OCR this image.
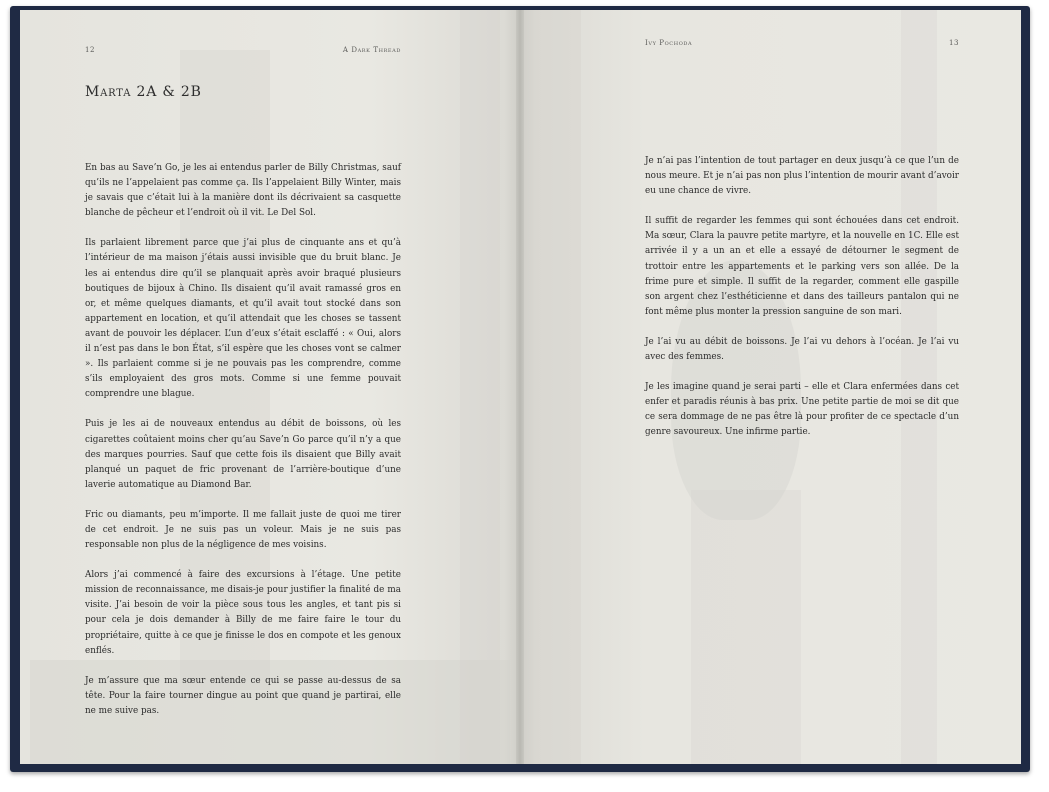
12	A Dark Thread
Marta 2A & 2B

En bas au Save’n Go, je les ai entendus parler de Billy Christmas, sauf qu’ils ne l’appelaient pas comme ça. Ils l’appelaient Billy Winter, mais je savais que c’était lui à la manière dont ils décrivaient sa casquette blanche de pêcheur et l’endroit où il vit. Le Del Sol.

Ils parlaient librement parce que j’ai plus de cinquante ans et qu’à l’intérieur de ma maison j’étais aussi invisible que du bruit blanc. Je les ai entendus dire qu’il se planquait après avoir braqué plusieurs boutiques de bijoux à Chino. Ils disaient qu’il avait ramassé gros en or, et même quelques diamants, et qu’il avait tout stocké dans son appartement en location, et qu’il attendait que les choses se tassent avant de pouvoir les déplacer. L’un d’eux s’était esclaffé : « Oui, alors il n’est pas dans le bon État, s’il espère que les choses vont se calmer ». Ils parlaient comme si je ne pouvais pas les comprendre, comme s’ils employaient des gros mots. Comme si une femme pouvait comprendre une blague.

Puis je les ai de nouveaux entendus au débit de boissons, où les cigarettes coûtaient moins cher qu’au Save’n Go parce qu’il n’y a que des marques pourries. Sauf que cette fois ils disaient que Billy avait planqué un paquet de fric provenant de l’arrière-boutique d’une laverie automatique au Diamond Bar.

Fric ou diamants, peu m’importe. Il me fallait juste de quoi me tirer de cet endroit. Je ne suis pas un voleur. Mais je ne suis pas responsable non plus de la négligence de mes voisins.

Alors j’ai commencé à faire des excursions à l’étage. Une petite mission de reconnaissance, me disais-je pour justifier la finalité de ma visite. J’ai besoin de voir la pièce sous tous les angles, et tant pis si pour cela je dois demander à Billy de me faire faire le tour du propriétaire, quitte à ce que je finisse le dos en compote et les genoux enflés.

Je m’assure que ma sœur entende ce qui se passe au-dessus de sa tête. Pour la faire tourner dingue au point que quand je partirai, elle ne me suive pas.

Ivy Pochoda	13

Je n’ai pas l’intention de tout partager en deux jusqu’à ce que l’un de nous meure. Et je n’ai pas non plus l’intention de mourir avant d’avoir eu une chance de vivre.

Il suffit de regarder les femmes qui sont échouées dans cet endroit. Ma sœur, Clara la pauvre petite martyre, et la nouvelle en 1C. Elle est arrivée il y a un an et elle a essayé de détourner le segment de trottoir entre les appartements et le parking vers son allée. De la frime pure et simple. Il suffit de la regarder, comment elle gaspille son argent chez l’esthéticienne et dans des tailleurs pantalon qui ne font même plus monter la pression sanguine de son mari.

Je l’ai vu au débit de boissons. Je l’ai vu dehors à l’océan. Je l’ai vu avec des femmes.

Je les imagine quand je serai parti – elle et Clara enfermées dans cet enfer et paradis réunis à bas prix. Une petite partie de moi se dit que ce sera dommage de ne pas être là pour profiter de ce spectacle d’un genre savoureux. Une infirme partie.
